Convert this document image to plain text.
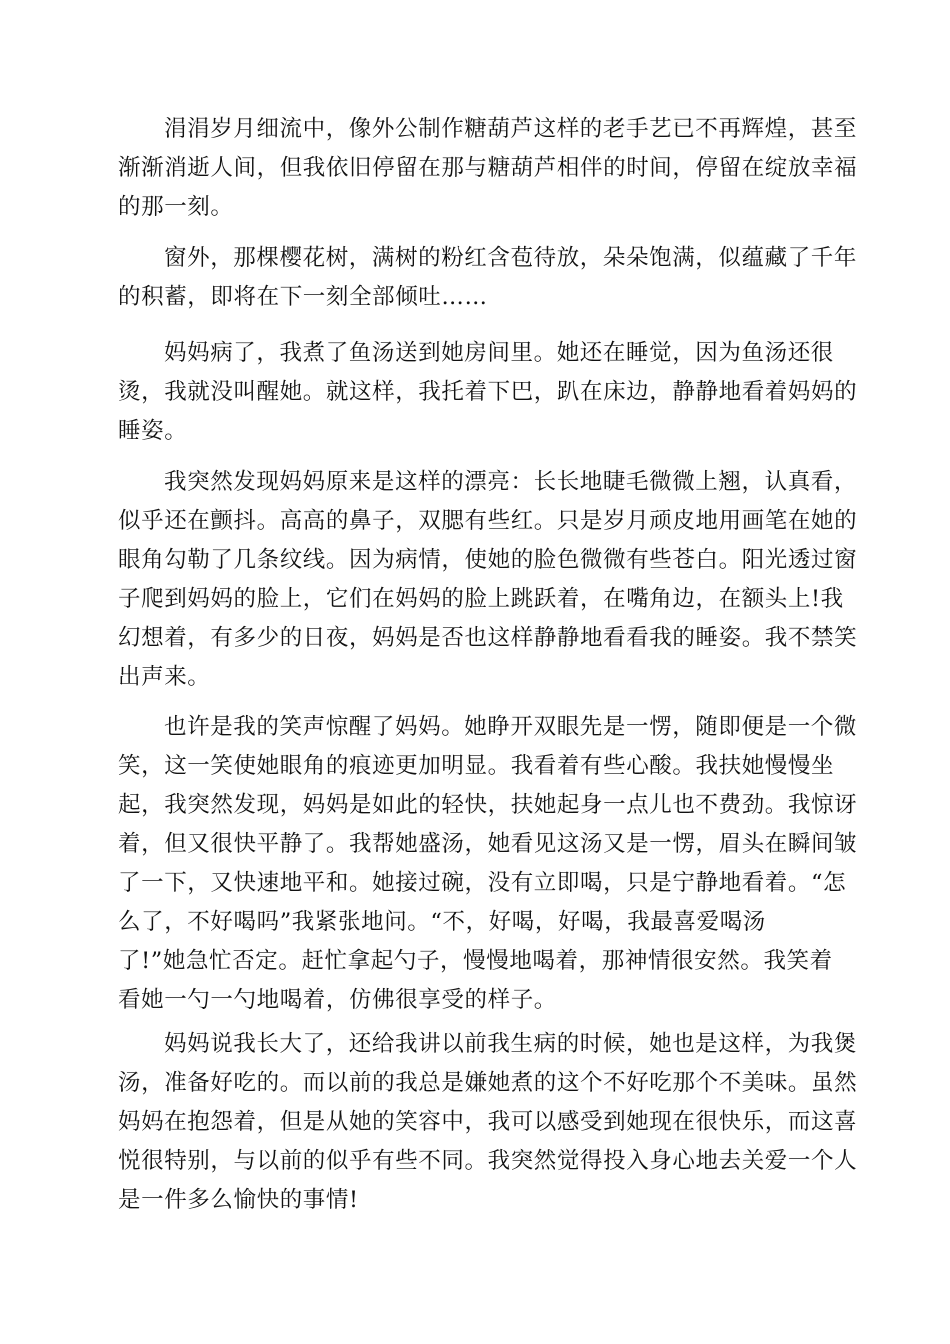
涓涓岁月细流中，像外公制作糖葫芦这样的老手艺已不再辉煌，甚至
渐渐消逝人间，但我依旧停留在那与糖葫芦相伴的时间，停留在绽放幸福
的那一刻。
窗外，那棵樱花树，满树的粉红含苞待放，朵朵饱满，似蕴藏了千年
的积蓄，即将在下一刻全部倾吐……
妈妈病了，我煮了鱼汤送到她房间里。她还在睡觉，因为鱼汤还很
烫，我就没叫醒她。就这样，我托着下巴，趴在床边，静静地看着妈妈的
睡姿。
我突然发现妈妈原来是这样的漂亮：长长地睫毛微微上翘，认真看，
似乎还在颤抖。高高的鼻子，双腮有些红。只是岁月顽皮地用画笔在她的
眼角勾勒了几条纹线。因为病情，使她的脸色微微有些苍白。阳光透过窗
子爬到妈妈的脸上，它们在妈妈的脸上跳跃着，在嘴角边，在额头上!我
幻想着，有多少的日夜，妈妈是否也这样静静地看看我的睡姿。我不禁笑
出声来。
也许是我的笑声惊醒了妈妈。她睁开双眼先是一愣，随即便是一个微
笑，这一笑使她眼角的痕迹更加明显。我看着有些心酸。我扶她慢慢坐
起，我突然发现，妈妈是如此的轻快，扶她起身一点儿也不费劲。我惊讶
着，但又很快平静了。我帮她盛汤，她看见这汤又是一愣，眉头在瞬间皱
了一下，又快速地平和。她接过碗，没有立即喝，只是宁静地看着。“怎
么了，不好喝吗”我紧张地问。“不，好喝，好喝，我最喜爱喝汤
了!”她急忙否定。赶忙拿起勺子，慢慢地喝着，那神情很安然。我笑着
看她一勺一勺地喝着，仿佛很享受的样子。
妈妈说我长大了，还给我讲以前我生病的时候，她也是这样，为我煲
汤，准备好吃的。而以前的我总是嫌她煮的这个不好吃那个不美味。虽然
妈妈在抱怨着，但是从她的笑容中，我可以感受到她现在很快乐，而这喜
悦很特别，与以前的似乎有些不同。我突然觉得投入身心地去关爱一个人
是一件多么愉快的事情!
